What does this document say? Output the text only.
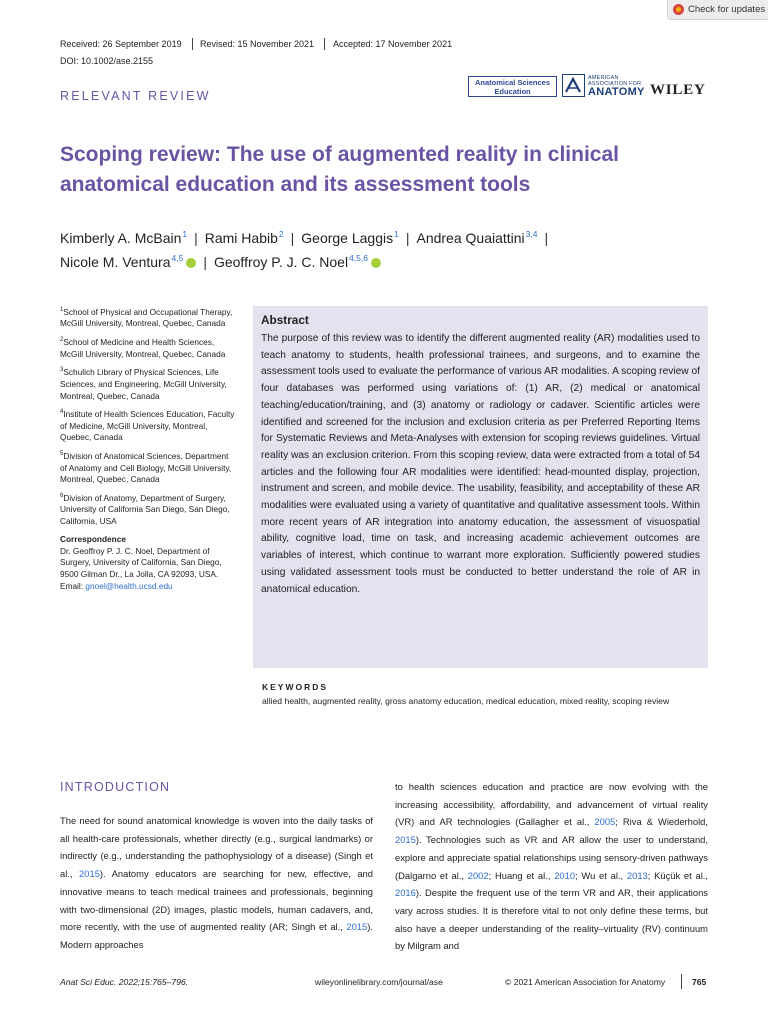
Check for updates
Received: 26 September 2019 Revised: 15 November 2021 Accepted: 17 November 2021
DOI: 10.1002/ase.2155
RELEVANT REVIEW
Anatomical Sciences
Education
AMERICAN
ASSOCIATION FOR
ANATOMY WILEY
Scoping review: The use of augmented reality in clinical anatomical education and its assessment tools
Kimberly A. McBain$^1$ | Rami Habib$^2$ | George Laggis$^1$ | Andrea Quaiattini$^{3,4}$ |
Nicole M. Ventura$^{4,5}$ | Geoffroy P. J. C. Noel$^{4,5,6}$

$^1$School of Physical and Occupational Therapy, McGill University, Montreal, Quebec, Canada

$^2$School of Medicine and Health Sciences, McGill University, Montreal, Quebec, Canada

$^3$Schulich Library of Physical Sciences, Life Sciences, and Engineering, McGill University, Montreal, Quebec, Canada

$^4$Institute of Health Sciences Education, Faculty of Medicine, McGill University, Montreal, Quebec, Canada

$^5$Division of Anatomical Sciences, Department of Anatomy and Cell Biology, McGill University, Montreal, Quebec, Canada

$^6$Division of Anatomy, Department of Surgery, University of California San Diego, San Diego, California, USA

Correspondence
Dr. Geoffroy P. J. C. Noel, Department of Surgery, University of California, San Diego, 9500 Gilman Dr., La Jolla, CA 92093, USA.
Email: gnoel@health.ucsd.edu
Abstract

The purpose of this review was to identify the different augmented reality (AR) modalities used to teach anatomy to students, health professional trainees, and surgeons, and to examine the assessment tools used to evaluate the performance of various AR modalities. A scoping review of four databases was performed using variations of: (1) AR, (2) medical or anatomical teaching/education/training, and (3) anatomy or radiology or cadaver. Scientific articles were identified and screened for the inclusion and exclusion criteria as per Preferred Reporting Items for Systematic Reviews and Meta-Analyses with extension for scoping reviews guidelines. Virtual reality was an exclusion criterion. From this scoping review, data were extracted from a total of 54 articles and the following four AR modalities were identified: head-mounted display, projection, instrument and screen, and mobile device. The usability, feasibility, and acceptability of these AR modalities were evaluated using a variety of quantitative and qualitative assessment tools. Within more recent years of AR integration into anatomy education, the assessment of visuospatial ability, cognitive load, time on task, and increasing academic achievement outcomes are variables of interest, which continue to warrant more exploration. Sufficiently powered studies using validated assessment tools must be conducted to better understand the role of AR in anatomical education.

KEYWORDS
allied health, augmented reality, gross anatomy education, medical education, mixed reality, scoping review
INTRODUCTION
The need for sound anatomical knowledge is woven into the daily tasks of all health-care professionals, whether directly (e.g., surgical landmarks) or indirectly (e.g., understanding the pathophysiology of a disease) (Singh et al., 2015). Anatomy educators are searching for new, effective, and innovative means to teach medical trainees and professionals, beginning with two-dimensional (2D) images, plastic models, human cadavers, and, more recently, with the use of augmented reality (AR; Singh et al., 2015). Modern approaches
to health sciences education and practice are now evolving with the increasing accessibility, affordability, and advancement of virtual reality (VR) and AR technologies (Gallagher et al., 2005; Riva & Wiederhold, 2015). Technologies such as VR and AR allow the user to understand, explore and appreciate spatial relationships using sensory-driven pathways (Dalgarno et al., 2002; Huang et al., 2010; Wu et al., 2013; Küçük et al., 2016). Despite the frequent use of the term VR and AR, their applications vary across studies. It is therefore vital to not only define these terms, but also have a deeper understanding of the reality–virtuality (RV) continuum by Milgram and
Anat Sci Educ. 2022;15:765–796.	wileyonlinelibrary.com/journal/ase	© 2021 American Association for Anatomy	765
